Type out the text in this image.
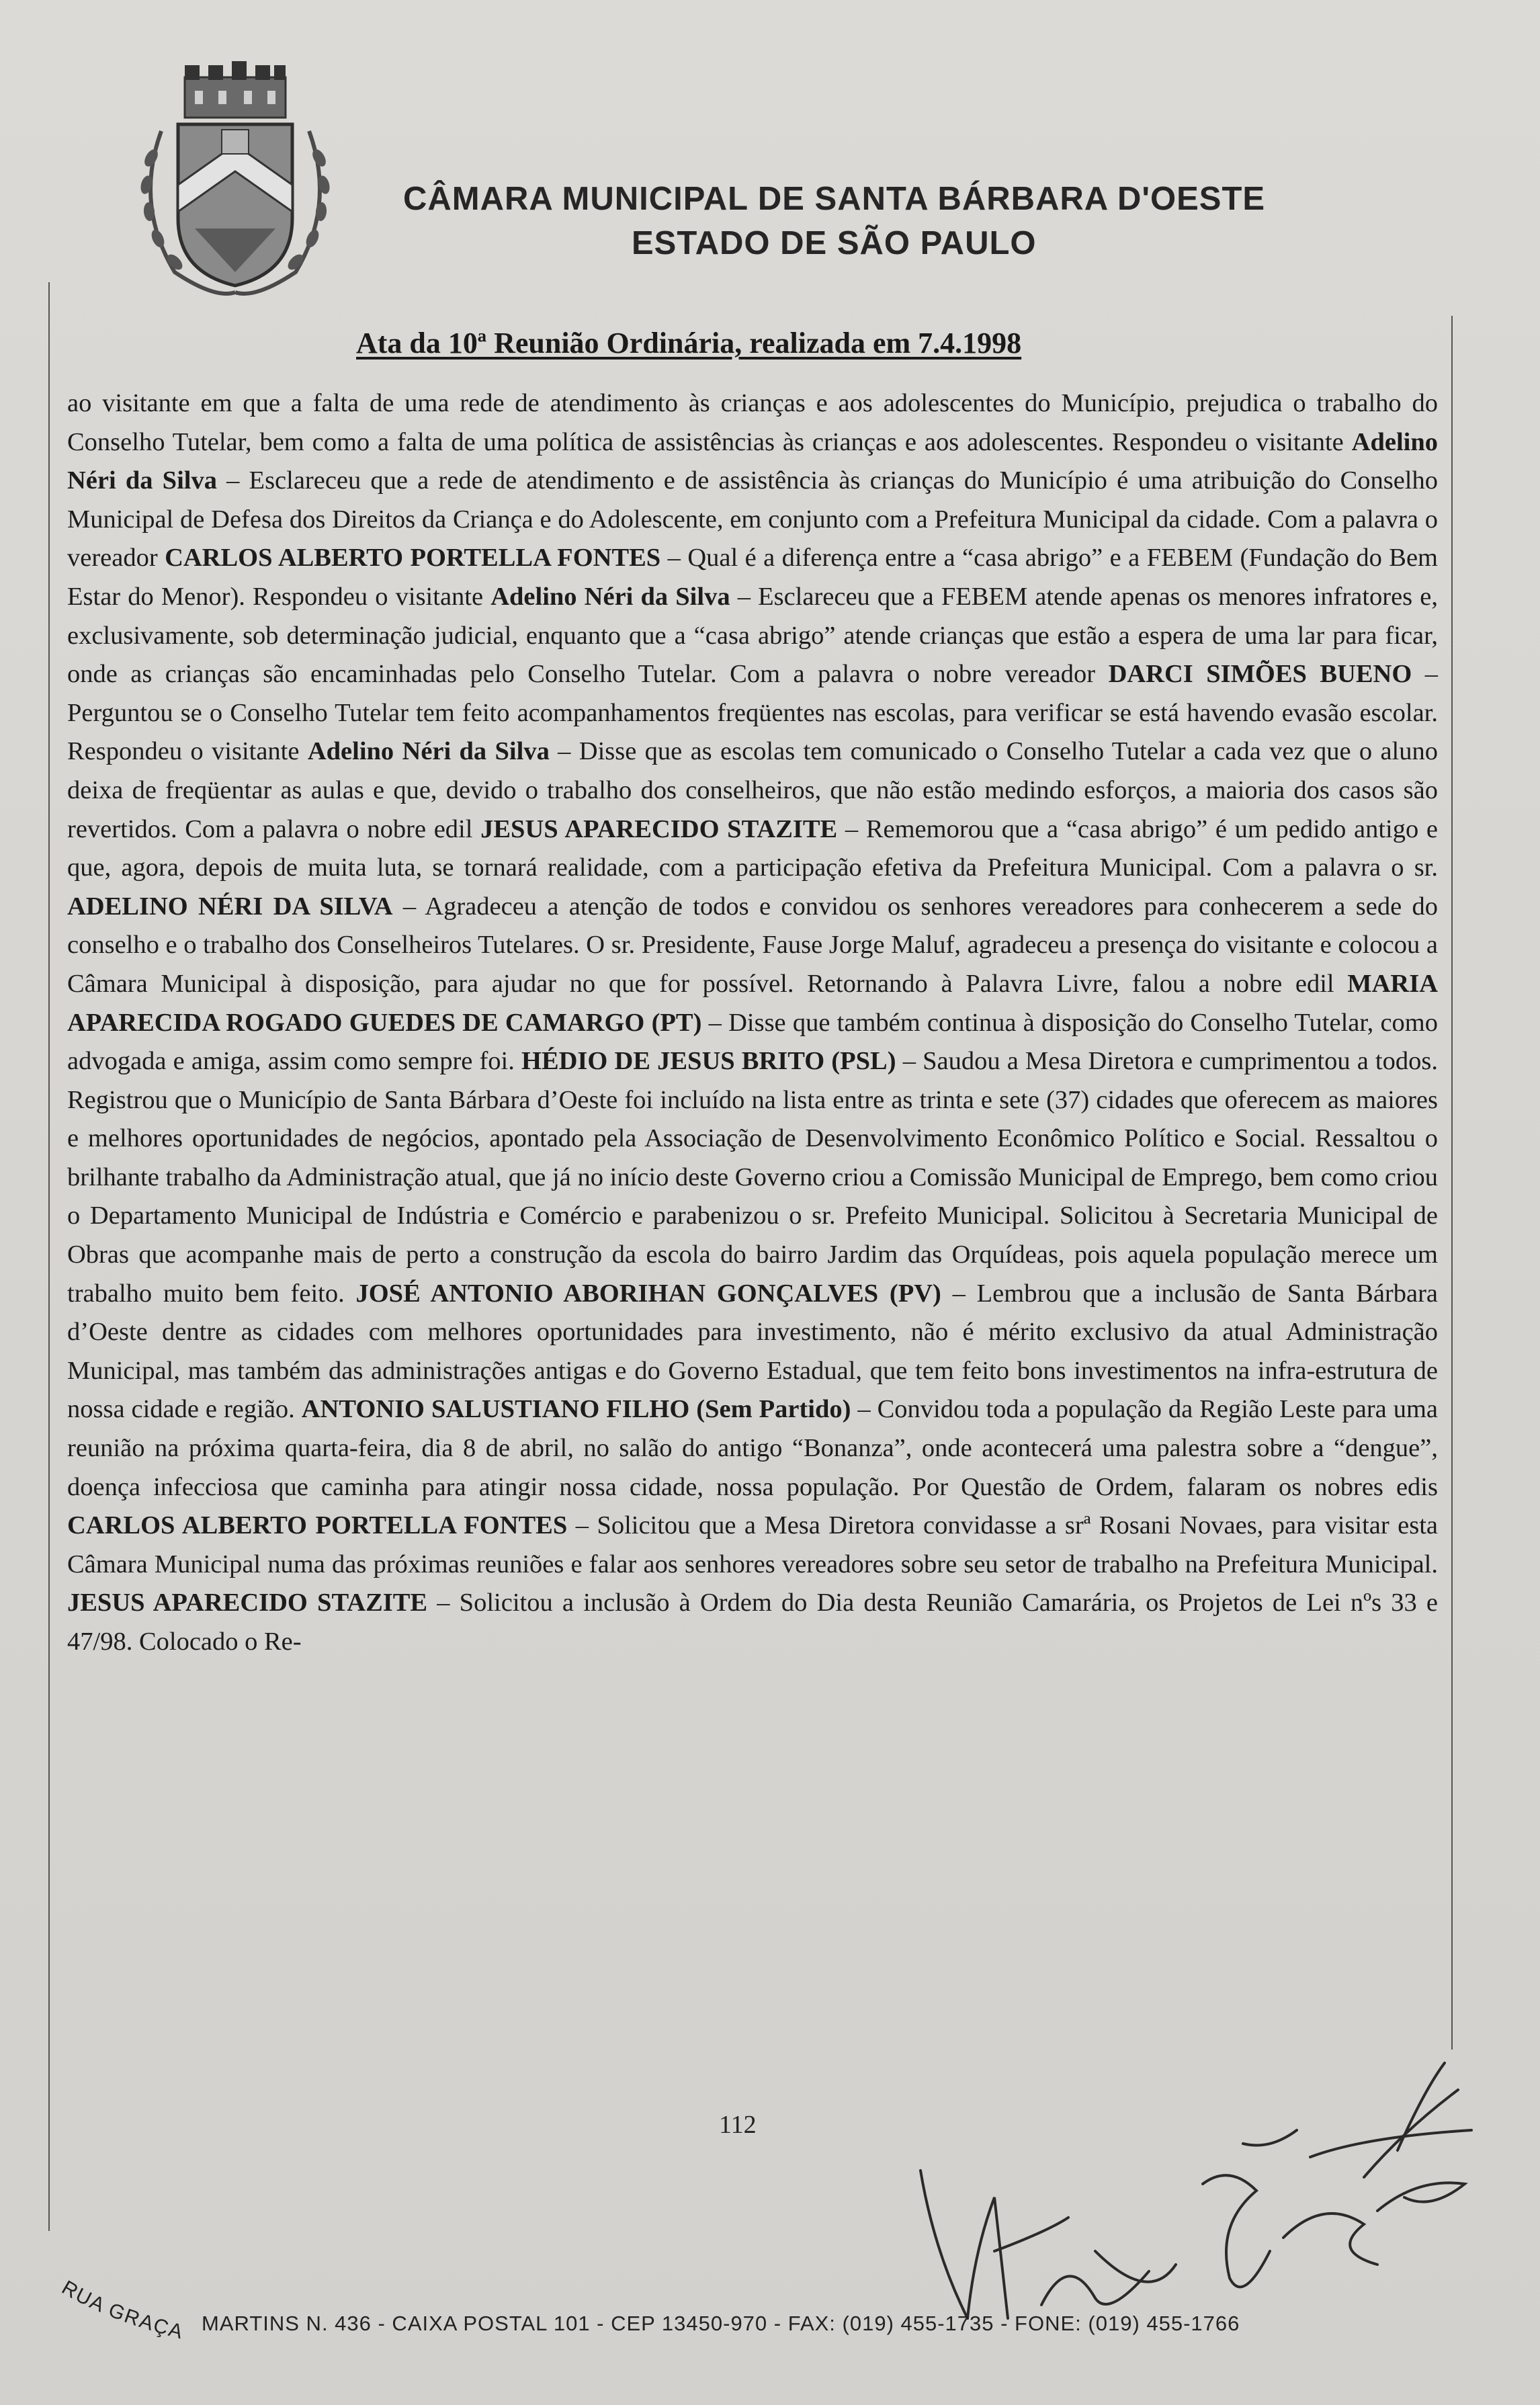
CÂMARA MUNICIPAL DE SANTA BÁRBARA D'OESTE
ESTADO DE SÃO PAULO
Ata da 10ª Reunião Ordinária, realizada em 7.4.1998

ao visitante em que a falta de uma rede de atendimento às crianças e aos adolescentes do Município, prejudica o trabalho do Conselho Tutelar, bem como a falta de uma política de assistências às crianças e aos adolescentes. Respondeu o visitante Adelino Néri da Silva – Esclareceu que a rede de atendimento e de assistência às crianças do Município é uma atribuição do Conselho Municipal de Defesa dos Direitos da Criança e do Adolescente, em conjunto com a Prefeitura Municipal da cidade. Com a palavra o vereador CARLOS ALBERTO PORTELLA FONTES – Qual é a diferença entre a “casa abrigo” e a FEBEM (Fundação do Bem Estar do Menor). Respondeu o visitante Adelino Néri da Silva – Esclareceu que a FEBEM atende apenas os menores infratores e, exclusivamente, sob determinação judicial, enquanto que a “casa abrigo” atende crianças que estão a espera de uma lar para ficar, onde as crianças são encaminhadas pelo Conselho Tutelar. Com a palavra o nobre vereador DARCI SIMÕES BUENO – Perguntou se o Conselho Tutelar tem feito acompanhamentos freqüentes nas escolas, para verificar se está havendo evasão escolar. Respondeu o visitante Adelino Néri da Silva – Disse que as escolas tem comunicado o Conselho Tutelar a cada vez que o aluno deixa de freqüentar as aulas e que, devido o trabalho dos conselheiros, que não estão medindo esforços, a maioria dos casos são revertidos. Com a palavra o nobre edil JESUS APARECIDO STAZITE – Rememorou que a “casa abrigo” é um pedido antigo e que, agora, depois de muita luta, se tornará realidade, com a participação efetiva da Prefeitura Municipal. Com a palavra o sr. ADELINO NÉRI DA SILVA – Agradeceu a atenção de todos e convidou os senhores vereadores para conhecerem a sede do conselho e o trabalho dos Conselheiros Tutelares. O sr. Presidente, Fause Jorge Maluf, agradeceu a presença do visitante e colocou a Câmara Municipal à disposição, para ajudar no que for possível. Retornando à Palavra Livre, falou a nobre edil MARIA APARECIDA ROGADO GUEDES DE CAMARGO (PT) – Disse que também continua à disposição do Conselho Tutelar, como advogada e amiga, assim como sempre foi. HÉDIO DE JESUS BRITO (PSL) – Saudou a Mesa Diretora e cumprimentou a todos. Registrou que o Município de Santa Bárbara d’Oeste foi incluído na lista entre as trinta e sete (37) cidades que oferecem as maiores e melhores oportunidades de negócios, apontado pela Associação de Desenvolvimento Econômico Político e Social. Ressaltou o brilhante trabalho da Administração atual, que já no início deste Governo criou a Comissão Municipal de Emprego, bem como criou o Departamento Municipal de Indústria e Comércio e parabenizou o sr. Prefeito Municipal. Solicitou à Secretaria Municipal de Obras que acompanhe mais de perto a construção da escola do bairro Jardim das Orquídeas, pois aquela população merece um trabalho muito bem feito. JOSÉ ANTONIO ABORIHAN GONÇALVES (PV) – Lembrou que a inclusão de Santa Bárbara d’Oeste dentre as cidades com melhores oportunidades para investimento, não é mérito exclusivo da atual Administração Municipal, mas também das administrações antigas e do Governo Estadual, que tem feito bons investimentos na infra-estrutura de nossa cidade e região. ANTONIO SALUSTIANO FILHO (Sem Partido) – Convidou toda a população da Região Leste para uma reunião na próxima quarta-feira, dia 8 de abril, no salão do antigo “Bonanza”, onde acontecerá uma palestra sobre a “dengue”, doença infecciosa que caminha para atingir nossa cidade, nossa população. Por Questão de Ordem, falaram os nobres edis CARLOS ALBERTO PORTELLA FONTES – Solicitou que a Mesa Diretora convidasse a srª Rosani Novaes, para visitar esta Câmara Municipal numa das próximas reuniões e falar aos senhores vereadores sobre seu setor de trabalho na Prefeitura Municipal. JESUS APARECIDO STAZITE – Solicitou a inclusão à Ordem do Dia desta Reunião Camarária, os Projetos de Lei nºs 33 e 47/98. Colocado o Re-

112
RUA GRAÇA MARTINS N. 436 - CAIXA POSTAL 101 - CEP 13450-970 - FAX: (019) 455-1735 - FONE: (019) 455-1766
